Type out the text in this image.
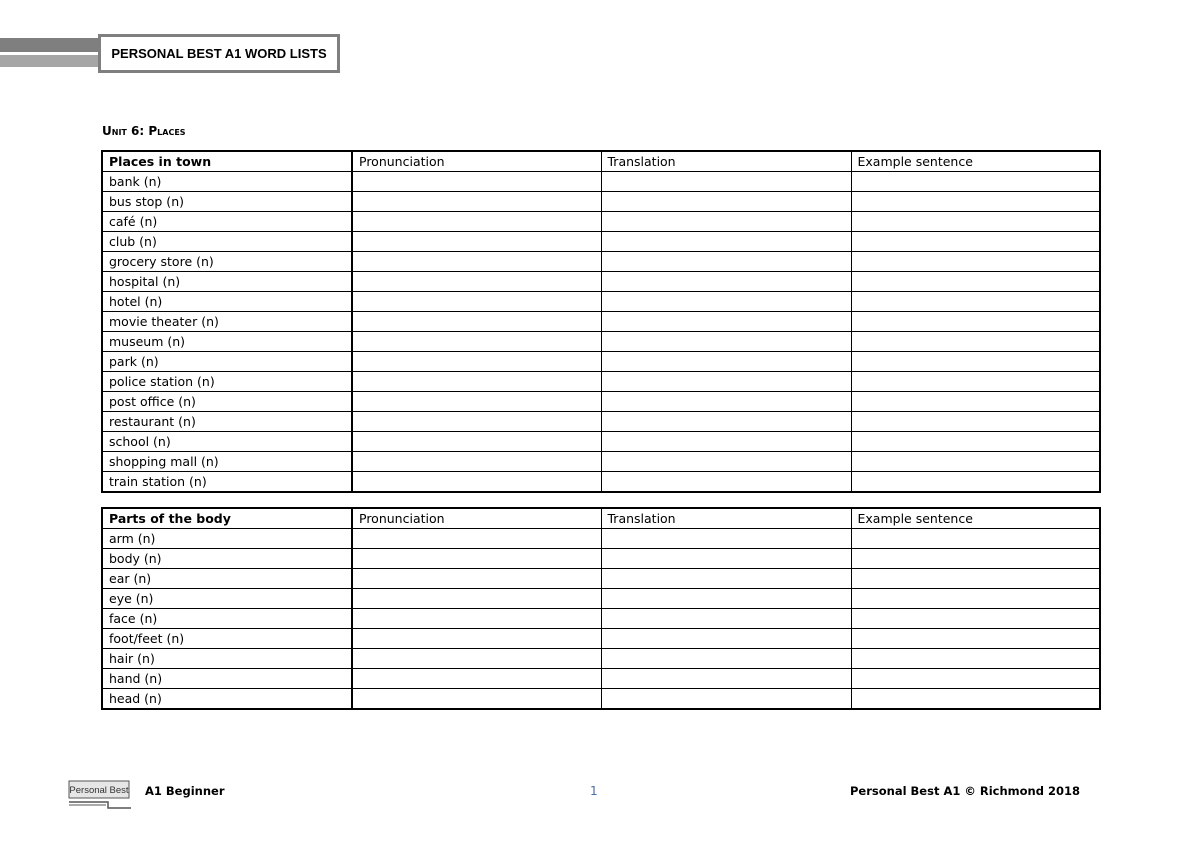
PERSONAL BEST A1 WORD LISTS
Unit 6: Places
Places in town	Pronunciation	Translation	Example sentence
bank (n)			
bus stop (n)			
café (n)			
club (n)			
grocery store (n)			
hospital (n)			
hotel (n)			
movie theater (n)			
museum (n)			
park (n)			
police station (n)			
post office (n)			
restaurant (n)			
school (n)			
shopping mall (n)			
train station (n)			
Parts of the body	Pronunciation	Translation	Example sentence
arm (n)			
body (n)			
ear (n)			
eye (n)			
face (n)			
foot/feet (n)			
hair (n)			
hand (n)			
head (n)			
Personal Best A1 Beginner	1	Personal Best A1 © Richmond 2018
